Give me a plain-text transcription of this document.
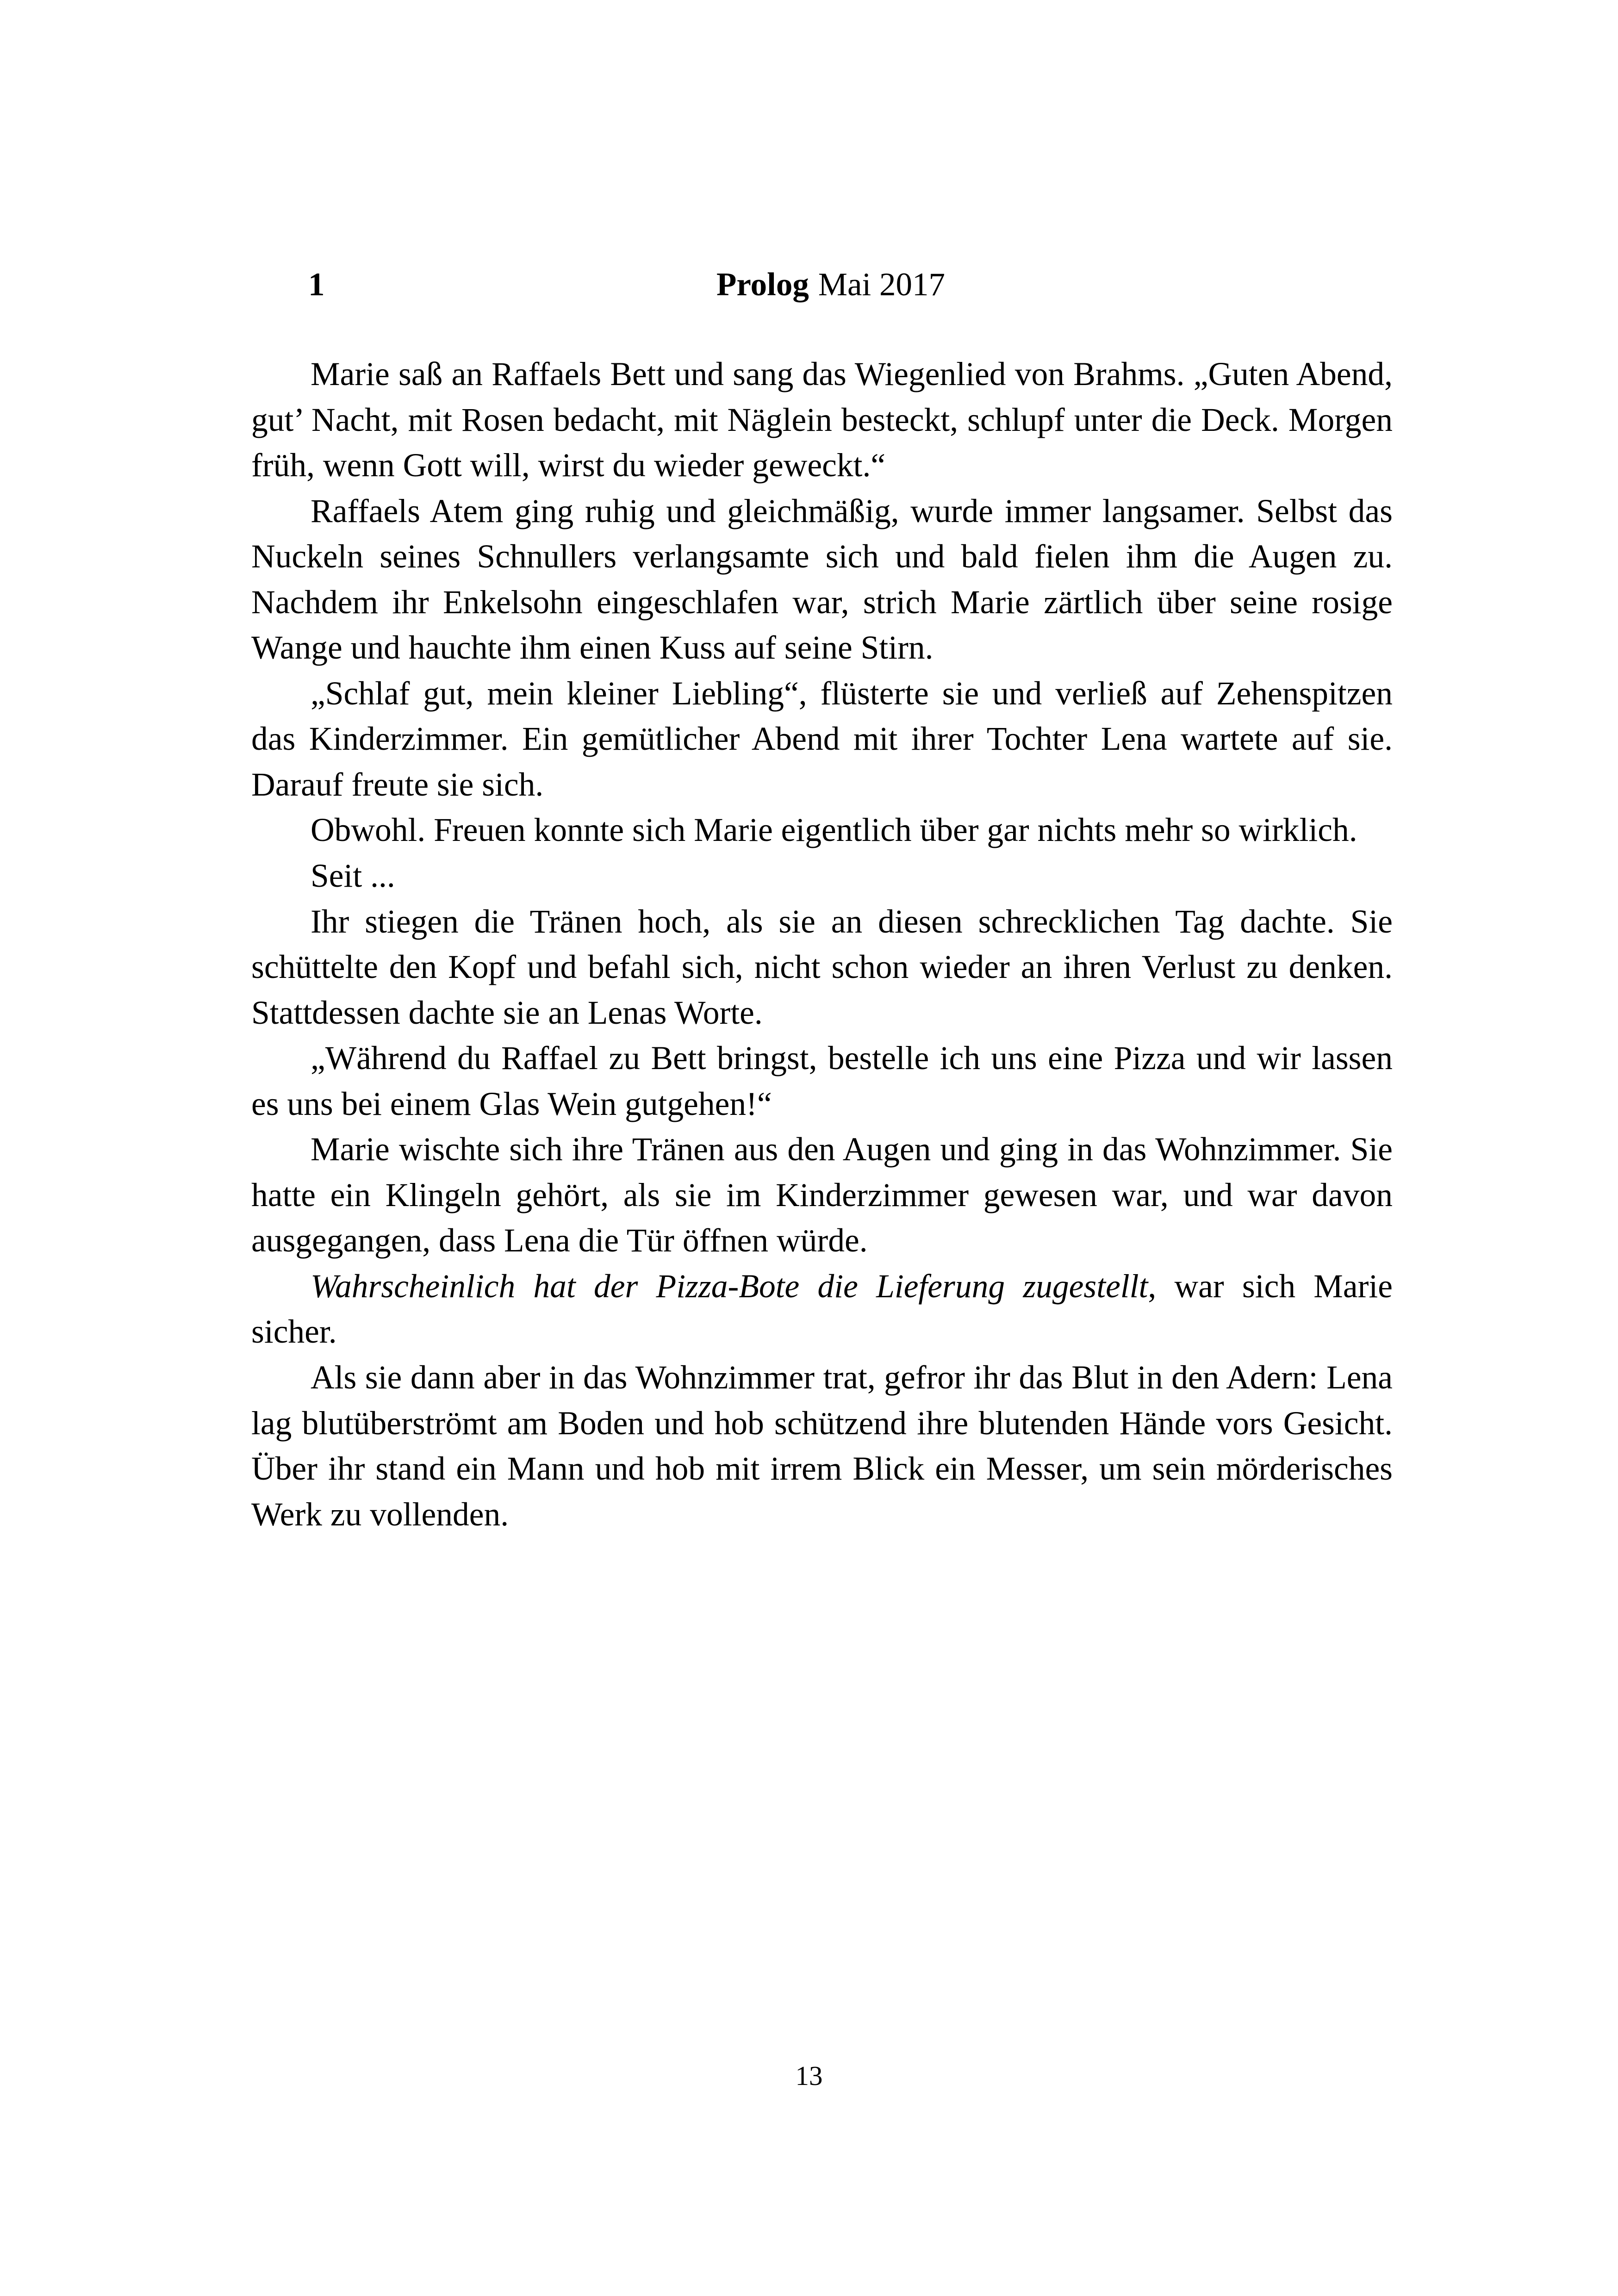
1	Prolog Mai 2017

Marie saß an Raffaels Bett und sang das Wiegenlied von Brahms. „Guten Abend, gut’ Nacht, mit Rosen bedacht, mit Näglein besteckt, schlupf unter die Deck. Morgen früh, wenn Gott will, wirst du wieder geweckt.“

Raffaels Atem ging ruhig und gleichmäßig, wurde immer langsamer. Selbst das Nuckeln seines Schnullers verlangsamte sich und bald fielen ihm die Augen zu. Nachdem ihr Enkelsohn eingeschlafen war, strich Marie zärtlich über seine rosige Wange und hauchte ihm einen Kuss auf seine Stirn.

„Schlaf gut, mein kleiner Liebling“, flüsterte sie und verließ auf Zehenspitzen das Kinderzimmer. Ein gemütlicher Abend mit ihrer Tochter Lena wartete auf sie. Darauf freute sie sich.

Obwohl. Freuen konnte sich Marie eigentlich über gar nichts mehr so wirklich.

Seit ...

Ihr stiegen die Tränen hoch, als sie an diesen schrecklichen Tag dachte. Sie schüttelte den Kopf und befahl sich, nicht schon wieder an ihren Verlust zu denken. Stattdessen dachte sie an Lenas Worte.

„Während du Raffael zu Bett bringst, bestelle ich uns eine Pizza und wir lassen es uns bei einem Glas Wein gutgehen!“

Marie wischte sich ihre Tränen aus den Augen und ging in das Wohnzimmer. Sie hatte ein Klingeln gehört, als sie im Kinderzimmer gewesen war, und war davon ausgegangen, dass Lena die Tür öffnen würde.

Wahrscheinlich hat der Pizza-Bote die Lieferung zugestellt, war sich Marie sicher.

Als sie dann aber in das Wohnzimmer trat, gefror ihr das Blut in den Adern: Lena lag blutüberströmt am Boden und hob schützend ihre blutenden Hände vors Gesicht. Über ihr stand ein Mann und hob mit irrem Blick ein Messer, um sein mörderisches Werk zu vollenden.

13
